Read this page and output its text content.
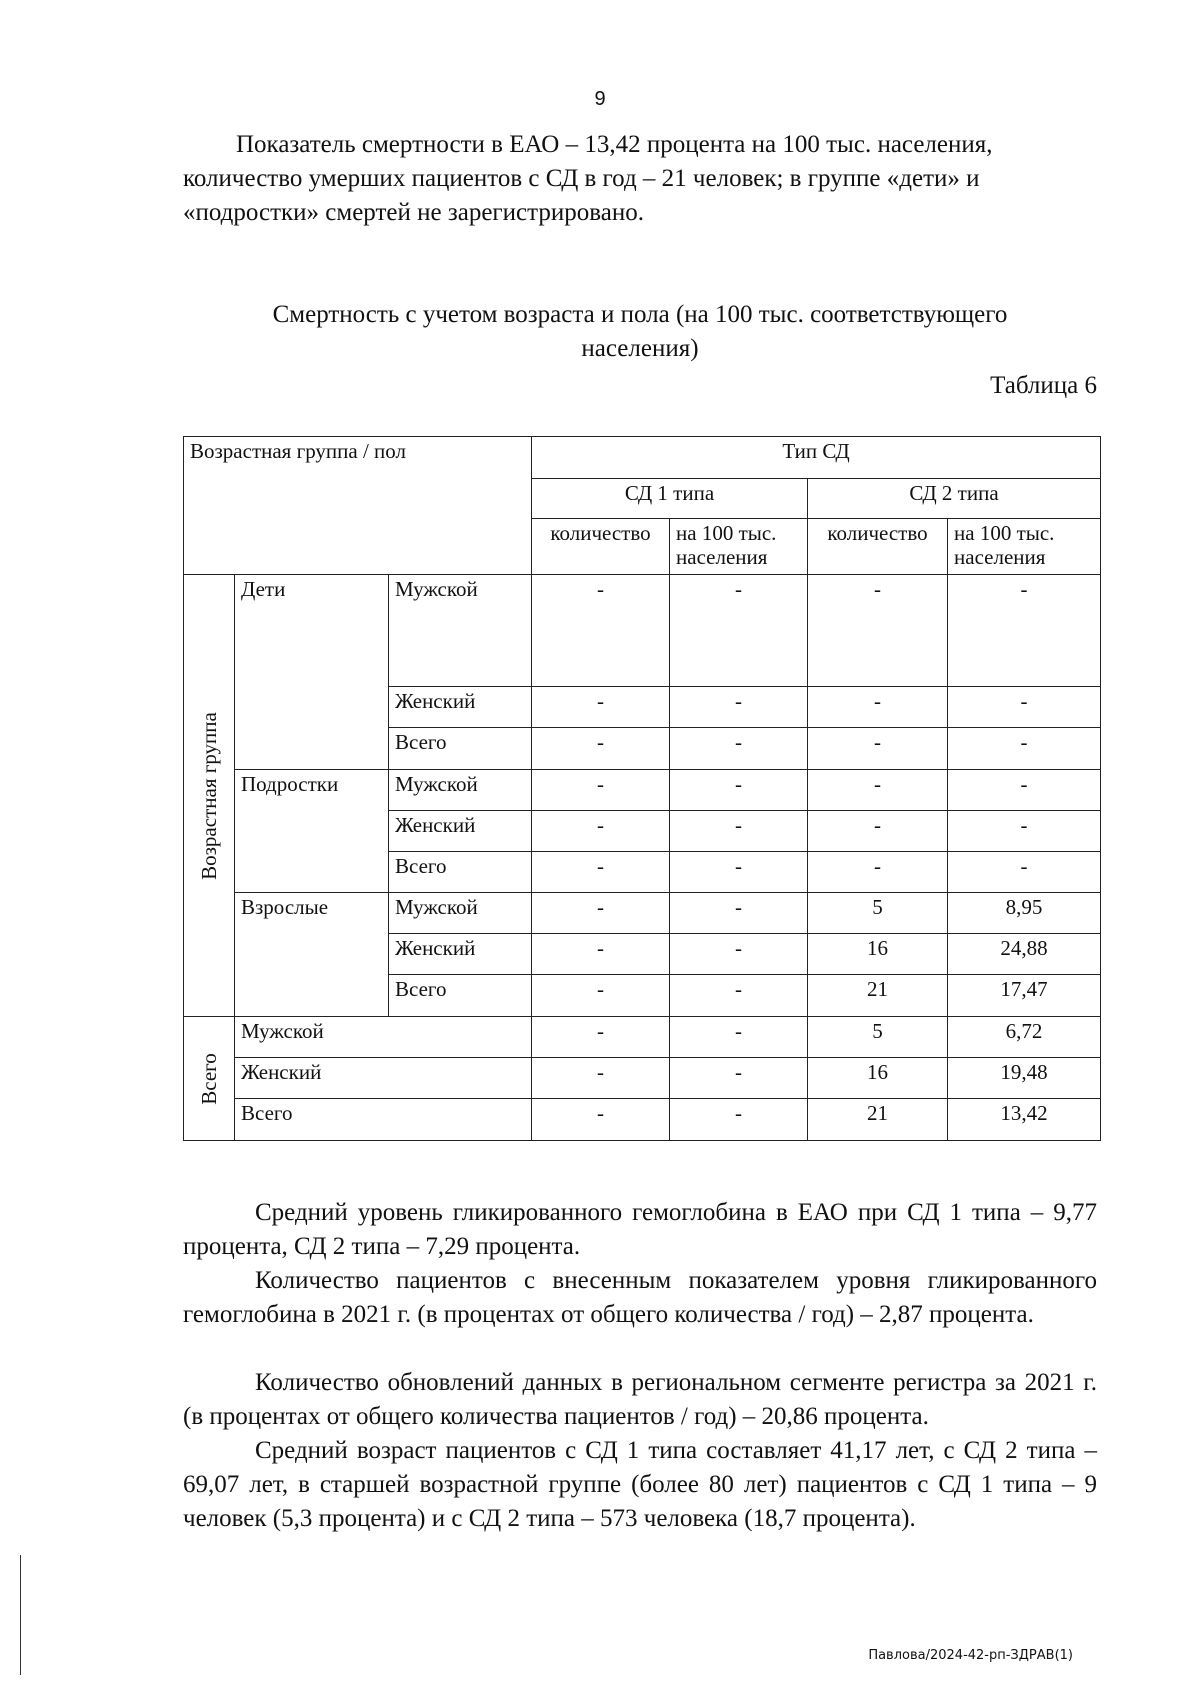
9
Показатель смертности в ЕАО – 13,42 процента на 100 тыс. населения,
количество умерших пациентов с СД в год – 21 человек; в группе «дети» и
«подростки» смертей не зарегистрировано.
Смертность с учетом возраста и пола (на 100 тыс. соответствующего
населения)
Таблица 6
Возрастная группа / пол			Тип СД			
			СД 1 типа		СД 2 типа	
			количество	на 100 тыс. населения	количество	на 100 тыс. населения

Возрастная группа	Дети	Мужской	-	-	-	-
		Женский	-	-	-	-
		Всего	-	-	-	-
	Подростки	Мужской	-	-	-	-
		Женский	-	-	-	-
		Всего	-	-	-	-
	Взрослые	Мужской	-	-	5	8,95
		Женский	-	-	16	24,88
		Всего	-	-	21	17,47

Всего	Мужской		-	-	5	6,72
	Женский		-	-	16	19,48
	Всего		-	-	21	13,42

Средний уровень гликированного гемоглобина в ЕАО при СД 1 типа – 9,77 процента, СД 2 типа – 7,29 процента.

Количество пациентов с внесенным показателем уровня гликированного гемоглобина в 2021 г. (в процентах от общего количества / год) – 2,87 процента.

Количество обновлений данных в региональном сегменте регистра за 2021 г. (в процентах от общего количества пациентов / год) – 20,86 процента.

Средний возраст пациентов с СД 1 типа составляет 41,17 лет, с СД 2 типа – 69,07 лет, в старшей возрастной группе (более 80 лет) пациентов с СД 1 типа – 9 человек (5,3 процента) и с СД 2 типа – 573 человека (18,7 процента).

Павлова/2024-42-рп-ЗДРАВ(1)
